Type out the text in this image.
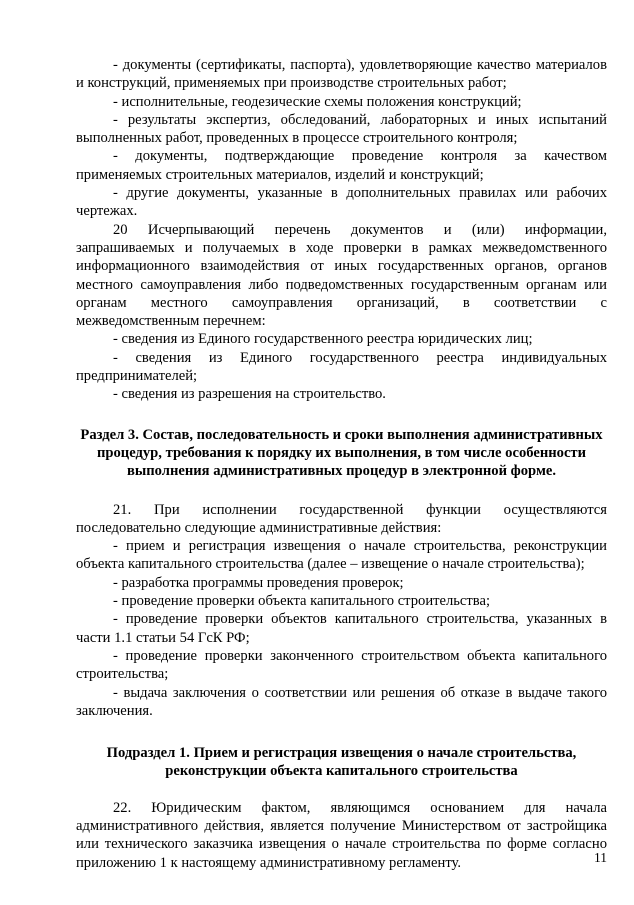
- документы (сертификаты, паспорта), удовлетворяющие качество материалов и конструкций, применяемых при производстве строительных работ;

- исполнительные, геодезические схемы положения конструкций;

- результаты экспертиз, обследований, лабораторных и иных испытаний выполненных работ, проведенных в процессе строительного контроля;

- документы, подтверждающие проведение контроля за качеством применяемых строительных материалов, изделий и конструкций;

- другие документы, указанные в дополнительных правилах или рабочих чертежах.

20 Исчерпывающий перечень документов и (или) информации, запрашиваемых и получаемых в ходе проверки в рамках межведомственного информационного взаимодействия от иных государственных органов, органов местного самоуправления либо подведомственных государственным органам или органам местного самоуправления организаций, в соответствии с межведомственным перечнем:

- сведения из Единого государственного реестра юридических лиц;

- сведения из Единого государственного реестра индивидуальных предпринимателей;

- сведения из разрешения на строительство.

Раздел 3. Состав, последовательность и сроки выполнения административных процедур, требования к порядку их выполнения, в том числе особенности выполнения административных процедур в электронной форме.

21. При исполнении государственной функции осуществляются последовательно следующие административные действия:

- прием и регистрация извещения о начале строительства, реконструкции объекта капитального строительства (далее – извещение о начале строительства);

- разработка программы проведения проверок;

- проведение проверки объекта капитального строительства;

- проведение проверки объектов капитального строительства, указанных в части 1.1 статьи 54 ГсК РФ;

- проведение проверки законченного строительством объекта капитального строительства;

- выдача заключения о соответствии или решения об отказе в выдаче такого заключения.

Подраздел 1. Прием и регистрация извещения о начале строительства, реконструкции объекта капитального строительства

22. Юридическим фактом, являющимся основанием для начала административного действия, является получение Министерством от застройщика или технического заказчика извещения о начале строительства по форме согласно приложению 1 к настоящему административному регламенту.	11
